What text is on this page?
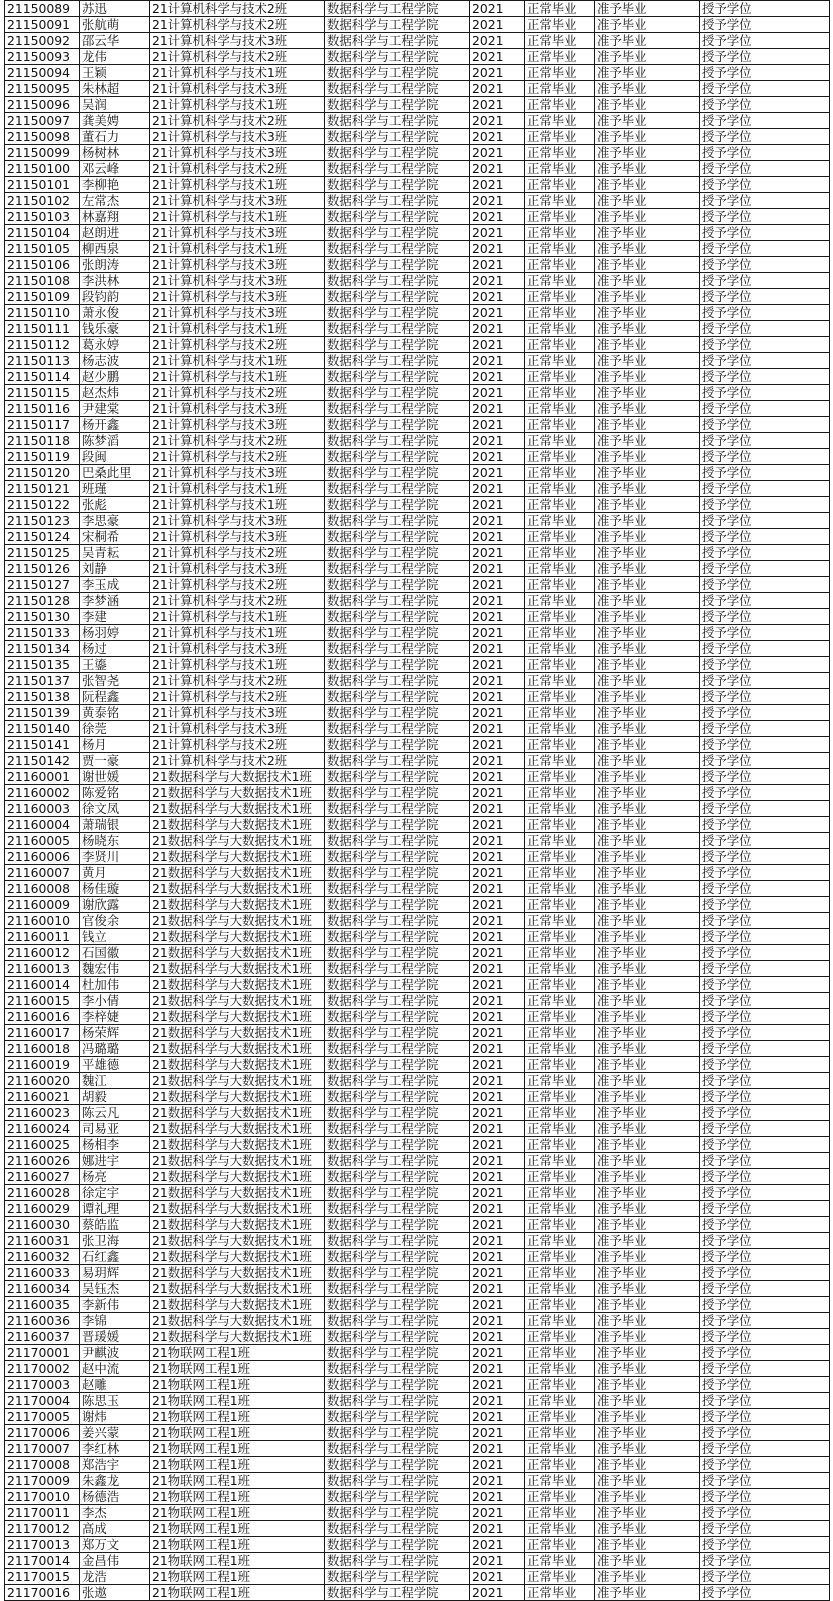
21150089	苏迅	21计算机科学与技术2班	数据科学与工程学院	2021	正常毕业	准予毕业	授予学位
21150091	张航萌	21计算机科学与技术2班	数据科学与工程学院	2021	正常毕业	准予毕业	授予学位
21150092	邵云华	21计算机科学与技术3班	数据科学与工程学院	2021	正常毕业	准予毕业	授予学位
21150093	龙伟	21计算机科学与技术2班	数据科学与工程学院	2021	正常毕业	准予毕业	授予学位
21150094	王颖	21计算机科学与技术1班	数据科学与工程学院	2021	正常毕业	准予毕业	授予学位
21150095	朱林超	21计算机科学与技术3班	数据科学与工程学院	2021	正常毕业	准予毕业	授予学位
21150096	吴润	21计算机科学与技术1班	数据科学与工程学院	2021	正常毕业	准予毕业	授予学位
21150097	龚美娉	21计算机科学与技术2班	数据科学与工程学院	2021	正常毕业	准予毕业	授予学位
21150098	董石力	21计算机科学与技术3班	数据科学与工程学院	2021	正常毕业	准予毕业	授予学位
21150099	杨树林	21计算机科学与技术3班	数据科学与工程学院	2021	正常毕业	准予毕业	授予学位
21150100	邓云峰	21计算机科学与技术2班	数据科学与工程学院	2021	正常毕业	准予毕业	授予学位
21150101	李柳艳	21计算机科学与技术1班	数据科学与工程学院	2021	正常毕业	准予毕业	授予学位
21150102	左常杰	21计算机科学与技术3班	数据科学与工程学院	2021	正常毕业	准予毕业	授予学位
21150103	林嘉翔	21计算机科学与技术1班	数据科学与工程学院	2021	正常毕业	准予毕业	授予学位
21150104	赵朗进	21计算机科学与技术3班	数据科学与工程学院	2021	正常毕业	准予毕业	授予学位
21150105	柳西泉	21计算机科学与技术1班	数据科学与工程学院	2021	正常毕业	准予毕业	授予学位
21150106	张朗涛	21计算机科学与技术3班	数据科学与工程学院	2021	正常毕业	准予毕业	授予学位
21150108	李洪林	21计算机科学与技术3班	数据科学与工程学院	2021	正常毕业	准予毕业	授予学位
21150109	段钧韵	21计算机科学与技术3班	数据科学与工程学院	2021	正常毕业	准予毕业	授予学位
21150110	萧永俊	21计算机科学与技术3班	数据科学与工程学院	2021	正常毕业	准予毕业	授予学位
21150111	钱乐豪	21计算机科学与技术1班	数据科学与工程学院	2021	正常毕业	准予毕业	授予学位
21150112	葛永婷	21计算机科学与技术2班	数据科学与工程学院	2021	正常毕业	准予毕业	授予学位
21150113	杨志波	21计算机科学与技术1班	数据科学与工程学院	2021	正常毕业	准予毕业	授予学位
21150114	赵少鹏	21计算机科学与技术1班	数据科学与工程学院	2021	正常毕业	准予毕业	授予学位
21150115	赵杰炜	21计算机科学与技术2班	数据科学与工程学院	2021	正常毕业	准予毕业	授予学位
21150116	尹建棠	21计算机科学与技术3班	数据科学与工程学院	2021	正常毕业	准予毕业	授予学位
21150117	杨开鑫	21计算机科学与技术3班	数据科学与工程学院	2021	正常毕业	准予毕业	授予学位
21150118	陈梦滔	21计算机科学与技术2班	数据科学与工程学院	2021	正常毕业	准予毕业	授予学位
21150119	段闽	21计算机科学与技术2班	数据科学与工程学院	2021	正常毕业	准予毕业	授予学位
21150120	巴桑此里	21计算机科学与技术3班	数据科学与工程学院	2021	正常毕业	准予毕业	授予学位
21150121	班瑾	21计算机科学与技术1班	数据科学与工程学院	2021	正常毕业	准予毕业	授予学位
21150122	张彪	21计算机科学与技术1班	数据科学与工程学院	2021	正常毕业	准予毕业	授予学位
21150123	李思豪	21计算机科学与技术3班	数据科学与工程学院	2021	正常毕业	准予毕业	授予学位
21150124	宋桐希	21计算机科学与技术3班	数据科学与工程学院	2021	正常毕业	准予毕业	授予学位
21150125	吴青耘	21计算机科学与技术2班	数据科学与工程学院	2021	正常毕业	准予毕业	授予学位
21150126	刘静	21计算机科学与技术3班	数据科学与工程学院	2021	正常毕业	准予毕业	授予学位
21150127	李玉成	21计算机科学与技术2班	数据科学与工程学院	2021	正常毕业	准予毕业	授予学位
21150128	李梦涵	21计算机科学与技术2班	数据科学与工程学院	2021	正常毕业	准予毕业	授予学位
21150130	李建	21计算机科学与技术1班	数据科学与工程学院	2021	正常毕业	准予毕业	授予学位
21150133	杨羽婷	21计算机科学与技术1班	数据科学与工程学院	2021	正常毕业	准予毕业	授予学位
21150134	杨过	21计算机科学与技术3班	数据科学与工程学院	2021	正常毕业	准予毕业	授予学位
21150135	王鎏	21计算机科学与技术1班	数据科学与工程学院	2021	正常毕业	准予毕业	授予学位
21150137	张智尧	21计算机科学与技术2班	数据科学与工程学院	2021	正常毕业	准予毕业	授予学位
21150138	阮程鑫	21计算机科学与技术2班	数据科学与工程学院	2021	正常毕业	准予毕业	授予学位
21150139	黄泰铭	21计算机科学与技术3班	数据科学与工程学院	2021	正常毕业	准予毕业	授予学位
21150140	徐莞	21计算机科学与技术3班	数据科学与工程学院	2021	正常毕业	准予毕业	授予学位
21150141	杨月	21计算机科学与技术2班	数据科学与工程学院	2021	正常毕业	准予毕业	授予学位
21150142	贾一豪	21计算机科学与技术2班	数据科学与工程学院	2021	正常毕业	准予毕业	授予学位
21160001	谢世媛	21数据科学与大数据技术1班	数据科学与工程学院	2021	正常毕业	准予毕业	授予学位
21160002	陈爱铭	21数据科学与大数据技术1班	数据科学与工程学院	2021	正常毕业	准予毕业	授予学位
21160003	徐文凤	21数据科学与大数据技术1班	数据科学与工程学院	2021	正常毕业	准予毕业	授予学位
21160004	萧瑞银	21数据科学与大数据技术1班	数据科学与工程学院	2021	正常毕业	准予毕业	授予学位
21160005	杨晓东	21数据科学与大数据技术1班	数据科学与工程学院	2021	正常毕业	准予毕业	授予学位
21160006	李贤川	21数据科学与大数据技术1班	数据科学与工程学院	2021	正常毕业	准予毕业	授予学位
21160007	黄月	21数据科学与大数据技术1班	数据科学与工程学院	2021	正常毕业	准予毕业	授予学位
21160008	杨佳璇	21数据科学与大数据技术1班	数据科学与工程学院	2021	正常毕业	准予毕业	授予学位
21160009	谢欣露	21数据科学与大数据技术1班	数据科学与工程学院	2021	正常毕业	准予毕业	授予学位
21160010	官俊余	21数据科学与大数据技术1班	数据科学与工程学院	2021	正常毕业	准予毕业	授予学位
21160011	钱立	21数据科学与大数据技术1班	数据科学与工程学院	2021	正常毕业	准予毕业	授予学位
21160012	石国徽	21数据科学与大数据技术1班	数据科学与工程学院	2021	正常毕业	准予毕业	授予学位
21160013	魏宏伟	21数据科学与大数据技术1班	数据科学与工程学院	2021	正常毕业	准予毕业	授予学位
21160014	杜加伟	21数据科学与大数据技术1班	数据科学与工程学院	2021	正常毕业	准予毕业	授予学位
21160015	李小倩	21数据科学与大数据技术1班	数据科学与工程学院	2021	正常毕业	准予毕业	授予学位
21160016	李梓婕	21数据科学与大数据技术1班	数据科学与工程学院	2021	正常毕业	准予毕业	授予学位
21160017	杨荣辉	21数据科学与大数据技术1班	数据科学与工程学院	2021	正常毕业	准予毕业	授予学位
21160018	冯璐璐	21数据科学与大数据技术1班	数据科学与工程学院	2021	正常毕业	准予毕业	授予学位
21160019	平雄德	21数据科学与大数据技术1班	数据科学与工程学院	2021	正常毕业	准予毕业	授予学位
21160020	魏江	21数据科学与大数据技术1班	数据科学与工程学院	2021	正常毕业	准予毕业	授予学位
21160021	胡毅	21数据科学与大数据技术1班	数据科学与工程学院	2021	正常毕业	准予毕业	授予学位
21160023	陈云凡	21数据科学与大数据技术1班	数据科学与工程学院	2021	正常毕业	准予毕业	授予学位
21160024	司易亚	21数据科学与大数据技术1班	数据科学与工程学院	2021	正常毕业	准予毕业	授予学位
21160025	杨相李	21数据科学与大数据技术1班	数据科学与工程学院	2021	正常毕业	准予毕业	授予学位
21160026	娜进宇	21数据科学与大数据技术1班	数据科学与工程学院	2021	正常毕业	准予毕业	授予学位
21160027	杨亮	21数据科学与大数据技术1班	数据科学与工程学院	2021	正常毕业	准予毕业	授予学位
21160028	徐定宇	21数据科学与大数据技术1班	数据科学与工程学院	2021	正常毕业	准予毕业	授予学位
21160029	谭礼理	21数据科学与大数据技术1班	数据科学与工程学院	2021	正常毕业	准予毕业	授予学位
21160030	蔡皓监	21数据科学与大数据技术1班	数据科学与工程学院	2021	正常毕业	准予毕业	授予学位
21160031	张卫海	21数据科学与大数据技术1班	数据科学与工程学院	2021	正常毕业	准予毕业	授予学位
21160032	石红鑫	21数据科学与大数据技术1班	数据科学与工程学院	2021	正常毕业	准予毕业	授予学位
21160033	易玥辉	21数据科学与大数据技术1班	数据科学与工程学院	2021	正常毕业	准予毕业	授予学位
21160034	吴钰杰	21数据科学与大数据技术1班	数据科学与工程学院	2021	正常毕业	准予毕业	授予学位
21160035	李新伟	21数据科学与大数据技术1班	数据科学与工程学院	2021	正常毕业	准予毕业	授予学位
21160036	李锦	21数据科学与大数据技术1班	数据科学与工程学院	2021	正常毕业	准予毕业	授予学位
21160037	晋瑗媛	21数据科学与大数据技术1班	数据科学与工程学院	2021	正常毕业	准予毕业	授予学位
21170001	尹麒波	21物联网工程1班	数据科学与工程学院	2021	正常毕业	准予毕业	授予学位
21170002	赵中流	21物联网工程1班	数据科学与工程学院	2021	正常毕业	准予毕业	授予学位
21170003	赵雕	21物联网工程1班	数据科学与工程学院	2021	正常毕业	准予毕业	授予学位
21170004	陈思玉	21物联网工程1班	数据科学与工程学院	2021	正常毕业	准予毕业	授予学位
21170005	谢炜	21物联网工程1班	数据科学与工程学院	2021	正常毕业	准予毕业	授予学位
21170006	姜兴蒙	21物联网工程1班	数据科学与工程学院	2021	正常毕业	准予毕业	授予学位
21170007	李红林	21物联网工程1班	数据科学与工程学院	2021	正常毕业	准予毕业	授予学位
21170008	郑浩宇	21物联网工程1班	数据科学与工程学院	2021	正常毕业	准予毕业	授予学位
21170009	朱鑫龙	21物联网工程1班	数据科学与工程学院	2021	正常毕业	准予毕业	授予学位
21170010	杨德浩	21物联网工程1班	数据科学与工程学院	2021	正常毕业	准予毕业	授予学位
21170011	李杰	21物联网工程1班	数据科学与工程学院	2021	正常毕业	准予毕业	授予学位
21170012	高成	21物联网工程1班	数据科学与工程学院	2021	正常毕业	准予毕业	授予学位
21170013	郑万文	21物联网工程1班	数据科学与工程学院	2021	正常毕业	准予毕业	授予学位
21170014	金昌伟	21物联网工程1班	数据科学与工程学院	2021	正常毕业	准予毕业	授予学位
21170015	龙浩	21物联网工程1班	数据科学与工程学院	2021	正常毕业	准予毕业	授予学位
21170016	张遨	21物联网工程1班	数据科学与工程学院	2021	正常毕业	准予毕业	授予学位
